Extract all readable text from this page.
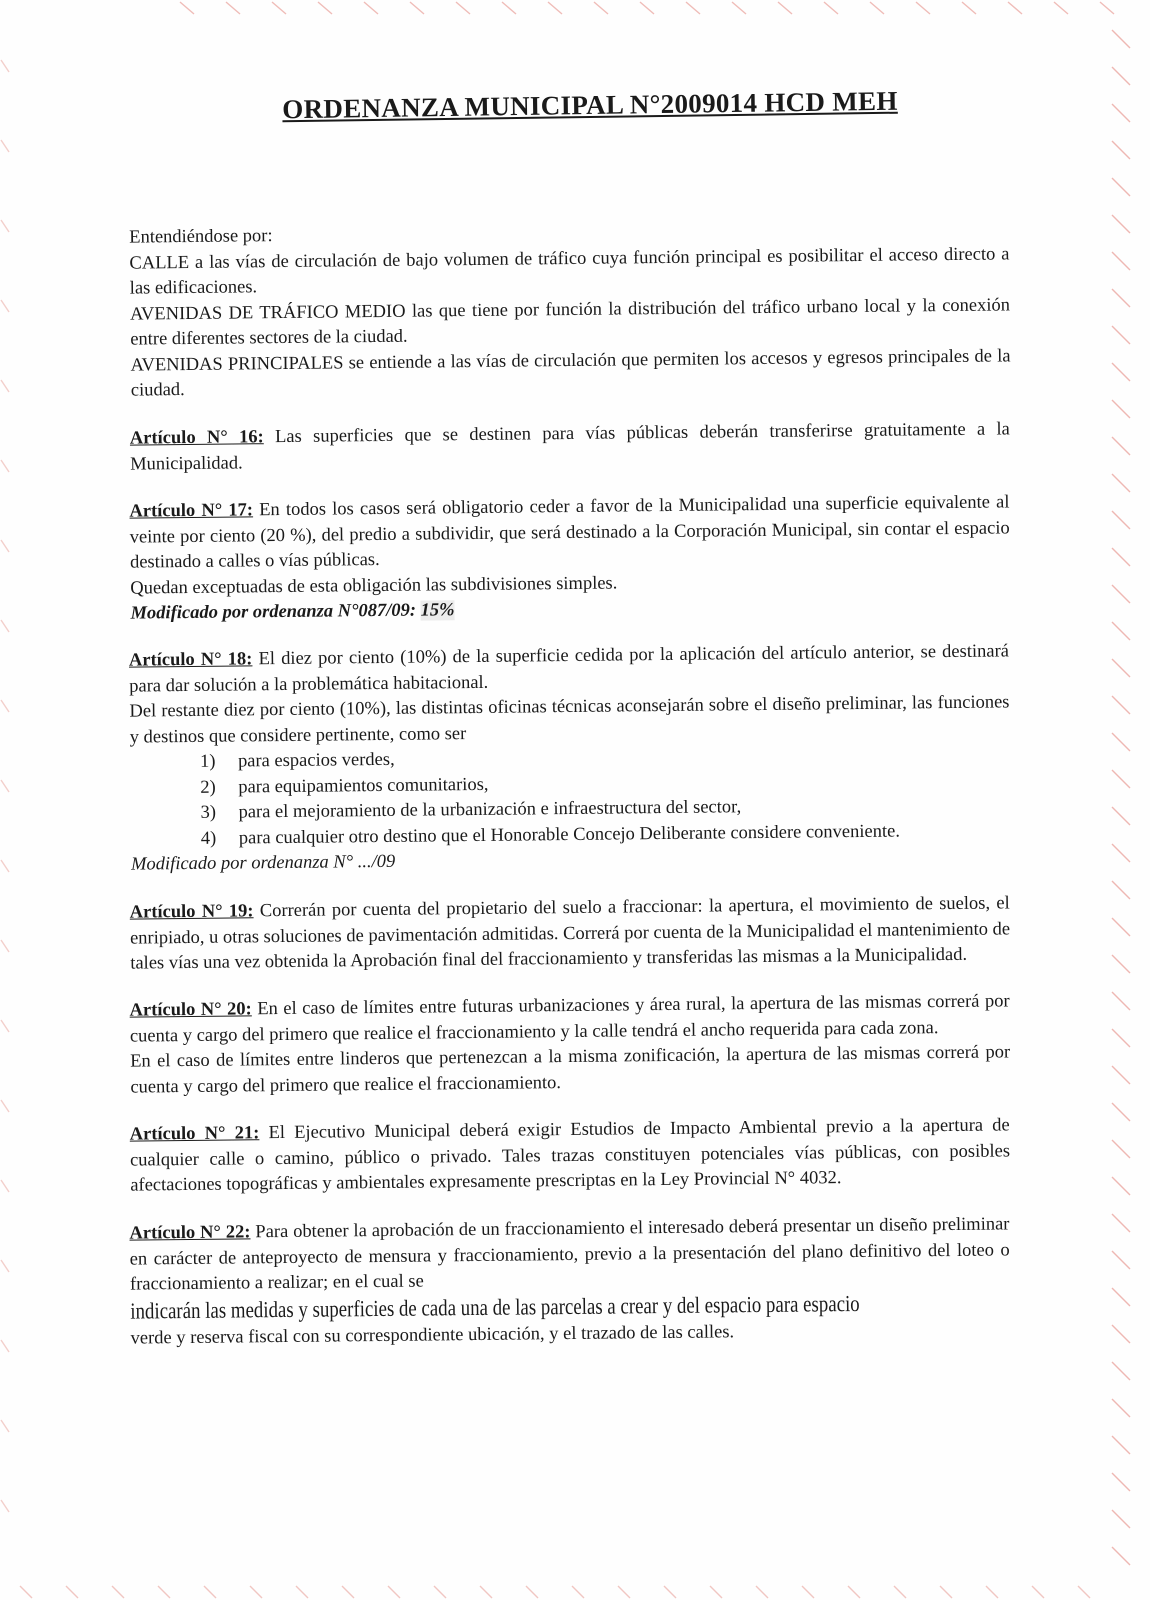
ORDENANZA MUNICIPAL N°2009014 HCD MEH

Entendiéndose por:

CALLE a las vías de circulación de bajo volumen de tráfico cuya función principal es posibilitar el acceso directo a las edificaciones.

AVENIDAS DE TRÁFICO MEDIO las que tiene por función la distribución del tráfico urbano local y la conexión entre diferentes sectores de la ciudad.

AVENIDAS PRINCIPALES se entiende a las vías de circulación que permiten los accesos y egresos principales de la ciudad.

Artículo N° 16: Las superficies que se destinen para vías públicas deberán transferirse gratuitamente a la Municipalidad.

Artículo N° 17: En todos los casos será obligatorio ceder a favor de la Municipalidad una superficie equivalente al veinte por ciento (20 %), del predio a subdividir, que será destinado a la Corporación Municipal, sin contar el espacio destinado a calles o vías públicas.

Quedan exceptuadas de esta obligación las subdivisiones simples.

Modificado por ordenanza N°087/09: 15%

Artículo N° 18: El diez por ciento (10%) de la superficie cedida por la aplicación del artículo anterior, se destinará para dar solución a la problemática habitacional.

Del restante diez por ciento (10%), las distintas oficinas técnicas aconsejarán sobre el diseño preliminar, las funciones y destinos que considere pertinente, como ser

1)	para espacios verdes,
2)	para equipamientos comunitarios,
3)	para el mejoramiento de la urbanización e infraestructura del sector,
4)	para cualquier otro destino que el Honorable Concejo Deliberante considere conveniente.

Modificado por ordenanza N° .../09

Artículo N° 19: Correrán por cuenta del propietario del suelo a fraccionar: la apertura, el movimiento de suelos, el enripiado, u otras soluciones de pavimentación admitidas. Correrá por cuenta de la Municipalidad el mantenimiento de tales vías una vez obtenida la Aprobación final del fraccionamiento y transferidas las mismas a la Municipalidad.

Artículo N° 20: En el caso de límites entre futuras urbanizaciones y área rural, la apertura de las mismas correrá por cuenta y cargo del primero que realice el fraccionamiento y la calle tendrá el ancho requerida para cada zona.

En el caso de límites entre linderos que pertenezcan a la misma zonificación, la apertura de las mismas correrá por cuenta y cargo del primero que realice el fraccionamiento.

Artículo N° 21: El Ejecutivo Municipal deberá exigir Estudios de Impacto Ambiental previo a la apertura de cualquier calle o camino, público o privado. Tales trazas constituyen potenciales vías públicas, con posibles afectaciones topográficas y ambientales expresamente prescriptas en la Ley Provincial N° 4032.

Artículo N° 22: Para obtener la aprobación de un fraccionamiento el interesado deberá presentar un diseño preliminar en carácter de anteproyecto de mensura y fraccionamiento, previo a la presentación del plano definitivo del loteo o fraccionamiento a realizar; en el cual se
indicarán las medidas y superficies de cada una de las parcelas a crear y del espacio para espacio
verde y reserva fiscal con su correspondiente ubicación, y el trazado de las calles.
